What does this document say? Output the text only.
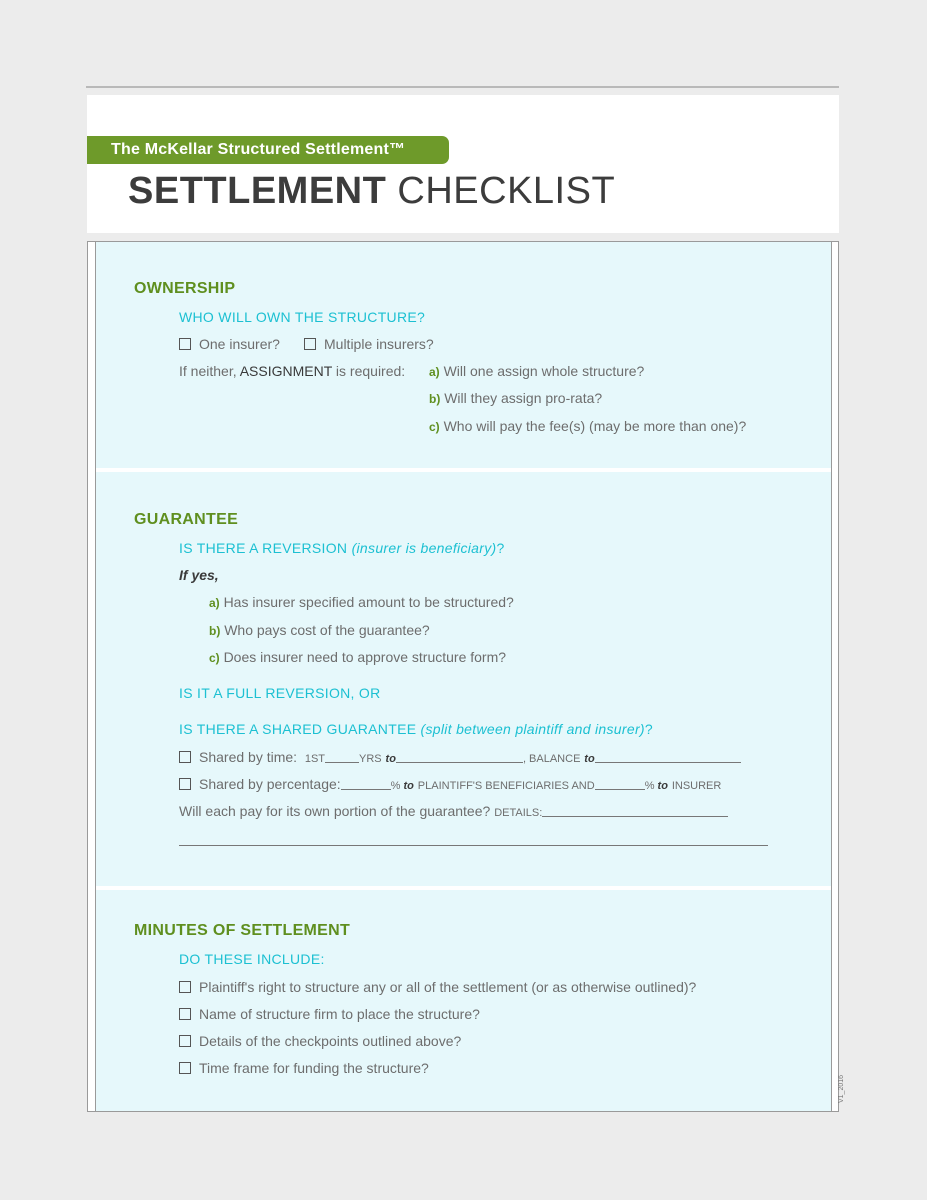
The McKellar Structured Settlement™
SETTLEMENT CHECKLIST
OWNERSHIP
WHO WILL OWN THE STRUCTURE?
One insurer?	Multiple insurers?
If neither, ASSIGNMENT is required: a) Will one assign whole structure?
b) Will they assign pro-rata?
c) Who will pay the fee(s) (may be more than one)?
GUARANTEE
IS THERE A REVERSION (insurer is beneficiary)?
If yes,
a) Has insurer specified amount to be structured?
b) Who pays cost of the guarantee?
c) Does insurer need to approve structure form?
IS IT A FULL REVERSION, OR
IS THERE A SHARED GUARANTEE (split between plaintiff and insurer)?
Shared by time: 1ST	YRS to	, BALANCE to
Shared by percentage:	% to PLAINTIFF'S BENEFICIARIES AND	% to INSURER
Will each pay for its own portion of the guarantee? DETAILS:
MINUTES OF SETTLEMENT
DO THESE INCLUDE:
Plaintiff's right to structure any or all of the settlement (or as otherwise outlined)?
Name of structure firm to place the structure?
Details of the checkpoints outlined above?
Time frame for funding the structure?
V1_2016
